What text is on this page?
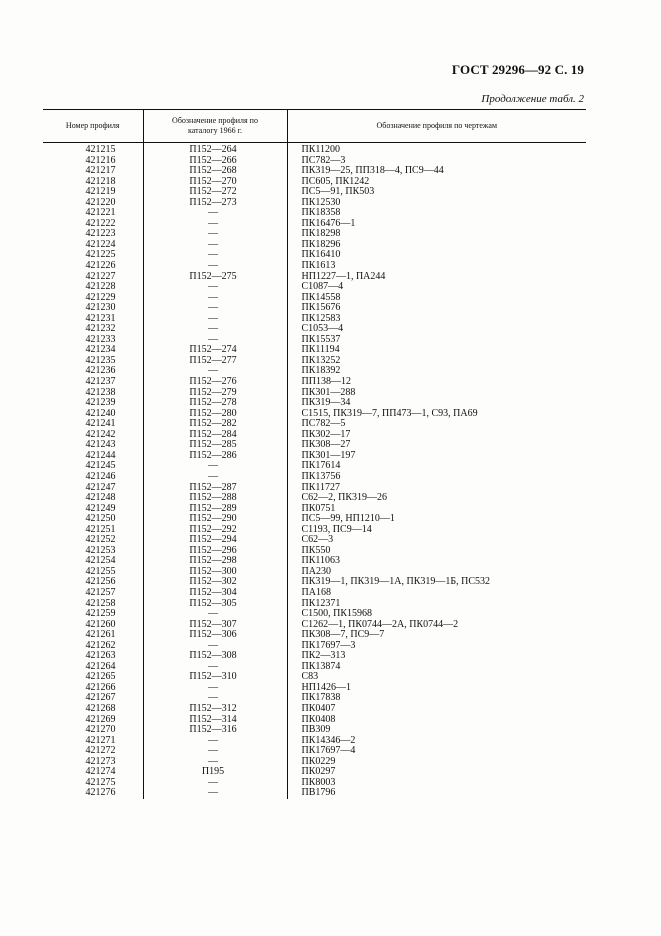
ГОСТ 29296—92 С. 19
Продолжение табл. 2
Номер профиля	Обозначение профиля по каталогу 1966 г.	Обозначение профиля по чертежам
421215	П152—264	ПК11200
421216	П152—266	ПС782—3
421217	П152—268	ПК319—25, ПП318—4, ПС9—44
421218	П152—270	ПС605, ПК1242
421219	П152—272	ПС5—91, ПК503
421220	П152—273	ПК12530
421221	—	ПК18358
421222	—	ПК16476—1
421223	—	ПК18298
421224	—	ПК18296
421225	—	ПК16410
421226	—	ПК1613
421227	П152—275	НП1227—1, ПА244
421228	—	С1087—4
421229	—	ПК14558
421230	—	ПК15676
421231	—	ПК12583
421232	—	С1053—4
421233	—	ПК15537
421234	П152—274	ПК11194
421235	П152—277	ПК13252
421236	—	ПК18392
421237	П152—276	ПП138—12
421238	П152—279	ПК301—288
421239	П152—278	ПК319—34
421240	П152—280	С1515, ПК319—7, ПП473—1, С93, ПА69
421241	П152—282	ПС782—5
421242	П152—284	ПК302—17
421243	П152—285	ПК308—27
421244	П152—286	ПК301—197
421245	—	ПК17614
421246	—	ПК13756
421247	П152—287	ПК11727
421248	П152—288	С62—2, ПК319—26
421249	П152—289	ПК0751
421250	П152—290	ПС5—99, НП1210—1
421251	П152—292	С1193, ПС9—14
421252	П152—294	С62—3
421253	П152—296	ПК550
421254	П152—298	ПК11063
421255	П152—300	ПА230
421256	П152—302	ПК319—1, ПК319—1А, ПК319—1Б, ПС532
421257	П152—304	ПА168
421258	П152—305	ПК12371
421259	—	С1500, ПК15968
421260	П152—307	С1262—1, ПК0744—2А, ПК0744—2
421261	П152—306	ПК308—7, ПС9—7
421262	—	ПК17697—3
421263	П152—308	ПК2—313
421264	—	ПК13874
421265	П152—310	С83
421266	—	НП1426—1
421267	—	ПК17838
421268	П152—312	ПК0407
421269	П152—314	ПК0408
421270	П152—316	ПВ309
421271	—	ПК14346—2
421272	—	ПК17697—4
421273	—	ПК0229
421274	П195	ПК0297
421275	—	ПК8003
421276	—	ПВ1796
